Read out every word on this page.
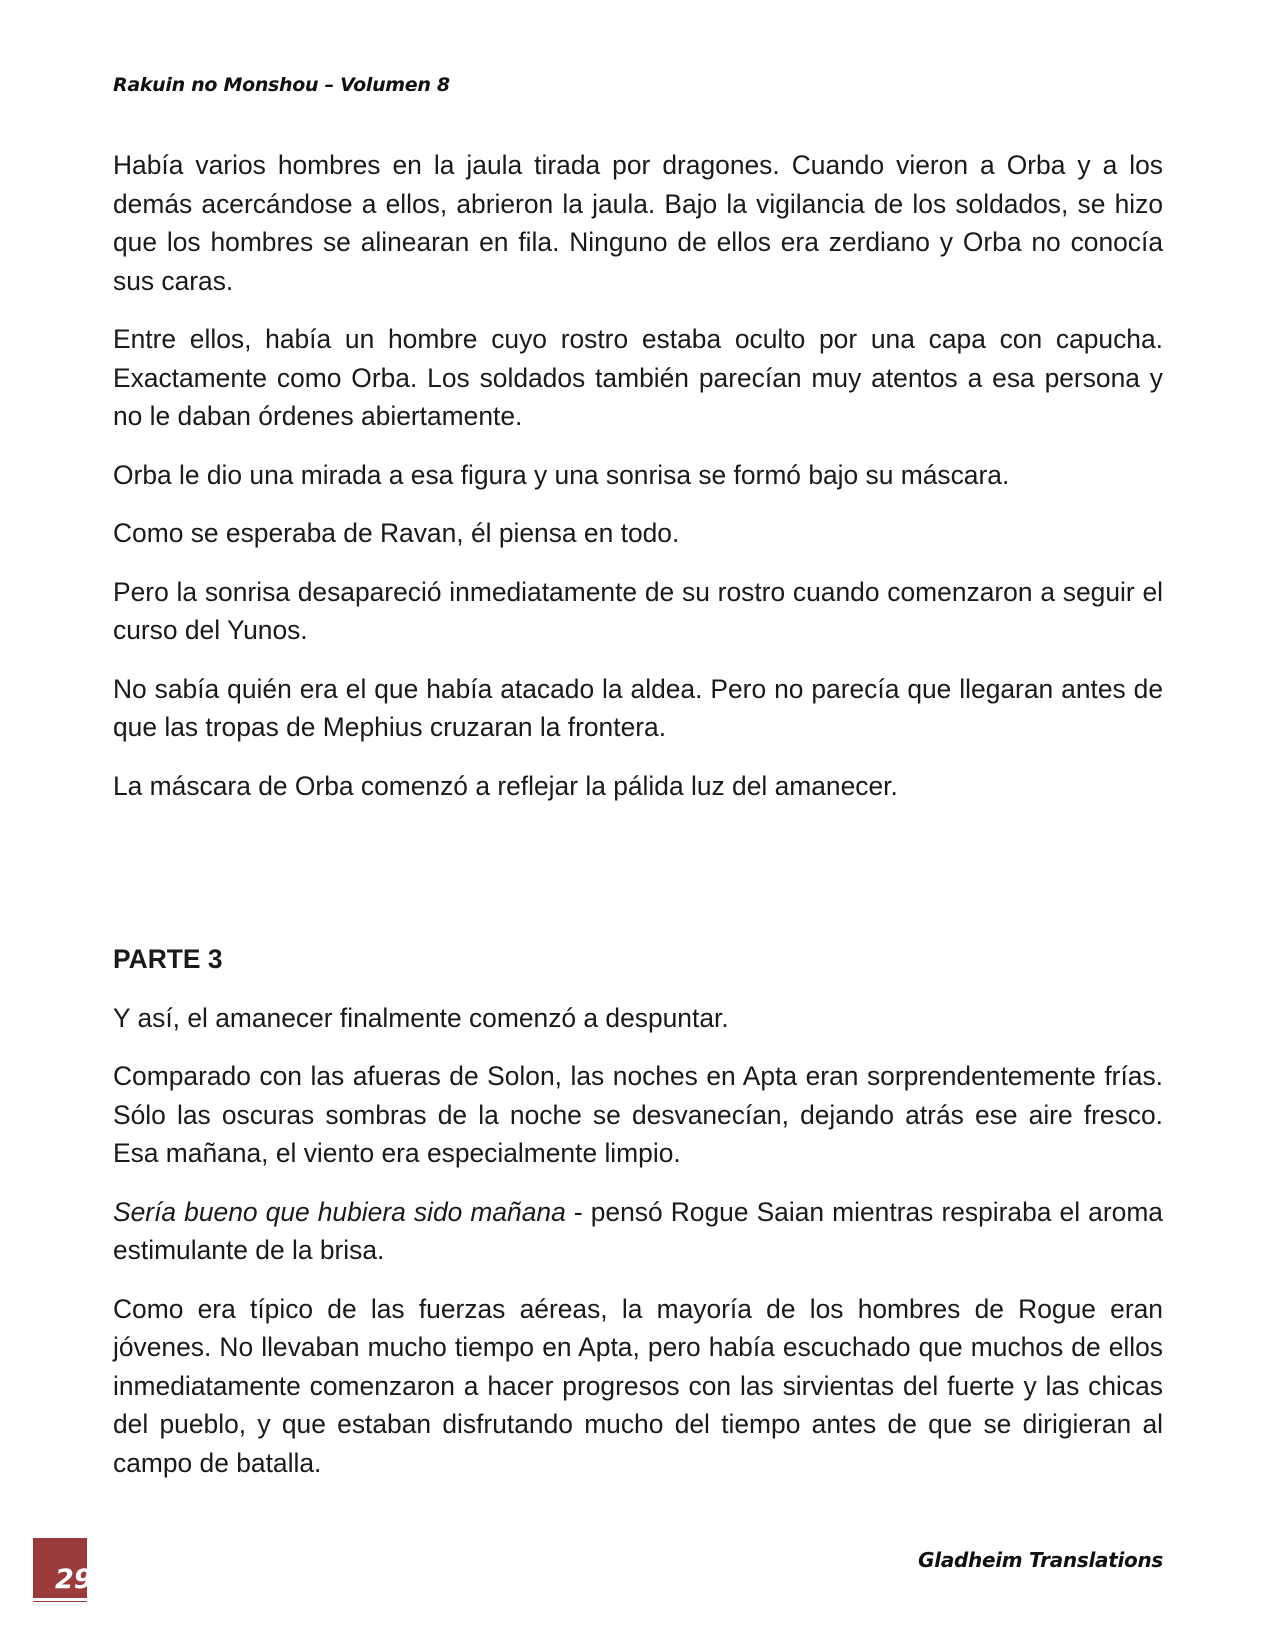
Rakuin no Monshou – Volumen 8

Había varios hombres en la jaula tirada por dragones. Cuando vieron a Orba y a los demás acercándose a ellos, abrieron la jaula. Bajo la vigilancia de los soldados, se hizo que los hombres se alinearan en fila. Ninguno de ellos era zerdiano y Orba no conocía sus caras.

Entre ellos, había un hombre cuyo rostro estaba oculto por una capa con capucha. Exactamente como Orba. Los soldados también parecían muy atentos a esa persona y no le daban órdenes abiertamente.

Orba le dio una mirada a esa figura y una sonrisa se formó bajo su máscara.

Como se esperaba de Ravan, él piensa en todo.

Pero la sonrisa desapareció inmediatamente de su rostro cuando comenzaron a seguir el curso del Yunos.

No sabía quién era el que había atacado la aldea. Pero no parecía que llegaran antes de que las tropas de Mephius cruzaran la frontera.

La máscara de Orba comenzó a reflejar la pálida luz del amanecer.

PARTE 3

Y así, el amanecer finalmente comenzó a despuntar.

Comparado con las afueras de Solon, las noches en Apta eran sorprendentemente frías. Sólo las oscuras sombras de la noche se desvanecían, dejando atrás ese aire fresco. Esa mañana, el viento era especialmente limpio.

Sería bueno que hubiera sido mañana - pensó Rogue Saian mientras respiraba el aroma estimulante de la brisa.

Como era típico de las fuerzas aéreas, la mayoría de los hombres de Rogue eran jóvenes. No llevaban mucho tiempo en Apta, pero había escuchado que muchos de ellos inmediatamente comenzaron a hacer progresos con las sirvientas del fuerte y las chicas del pueblo, y que estaban disfrutando mucho del tiempo antes de que se dirigieran al campo de batalla.

29
Gladheim Translations
